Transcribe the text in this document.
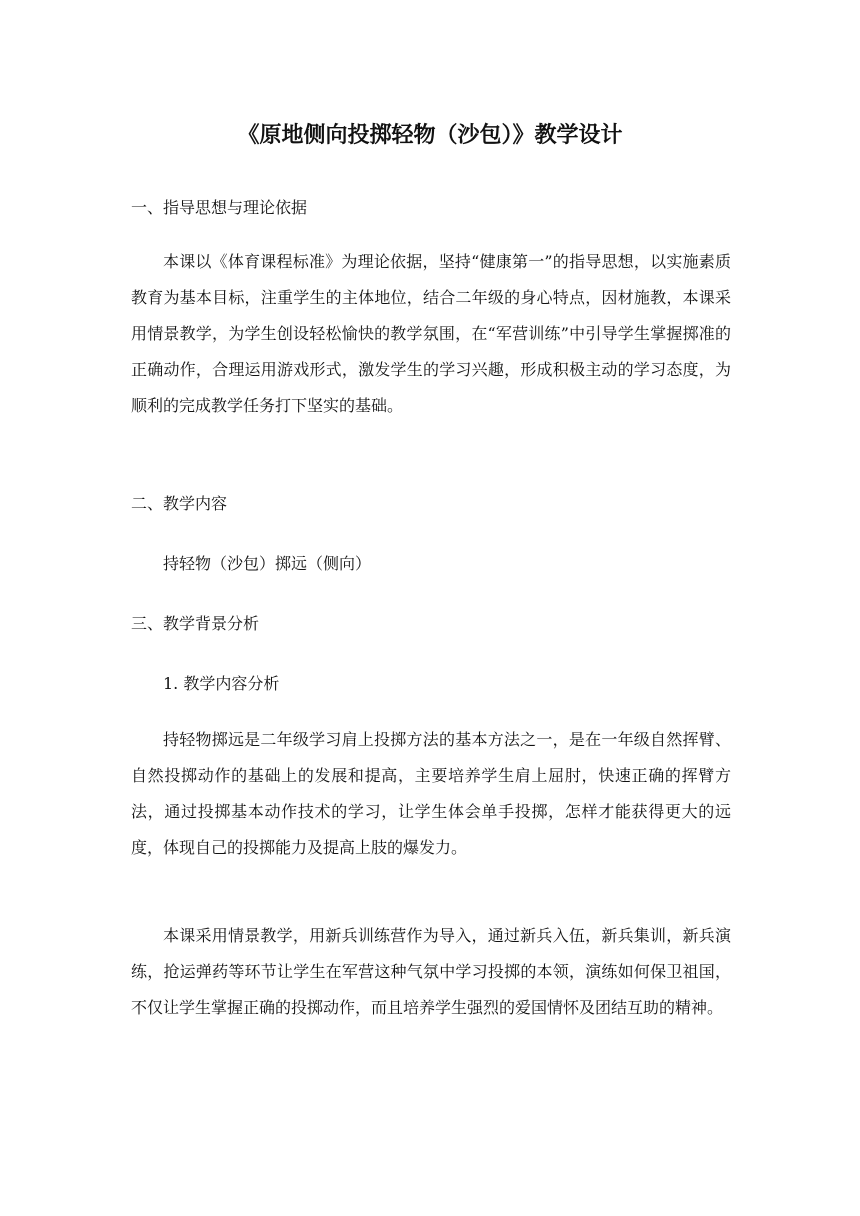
《原地侧向投掷轻物（沙包）》教学设计

一、指导思想与理论依据

本课以《体育课程标准》为理论依据，坚持“健康第一”的指导思想，以实施素质教育为基本目标，注重学生的主体地位，结合二年级的身心特点，因材施教，本课采用情景教学，为学生创设轻松愉快的教学氛围，在“军营训练”中引导学生掌握掷准的正确动作，合理运用游戏形式，激发学生的学习兴趣，形成积极主动的学习态度，为顺利的完成教学任务打下坚实的基础。

二、教学内容

持轻物（沙包）掷远（侧向）

三、教学背景分析

1. 教学内容分析

持轻物掷远是二年级学习肩上投掷方法的基本方法之一，是在一年级自然挥臂、自然投掷动作的基础上的发展和提高，主要培养学生肩上屈肘，快速正确的挥臂方法，通过投掷基本动作技术的学习，让学生体会单手投掷，怎样才能获得更大的远度，体现自己的投掷能力及提高上肢的爆发力。

本课采用情景教学，用新兵训练营作为导入，通过新兵入伍，新兵集训，新兵演练，抢运弹药等环节让学生在军营这种气氛中学习投掷的本领，演练如何保卫祖国，不仅让学生掌握正确的投掷动作，而且培养学生强烈的爱国情怀及团结互助的精神。
